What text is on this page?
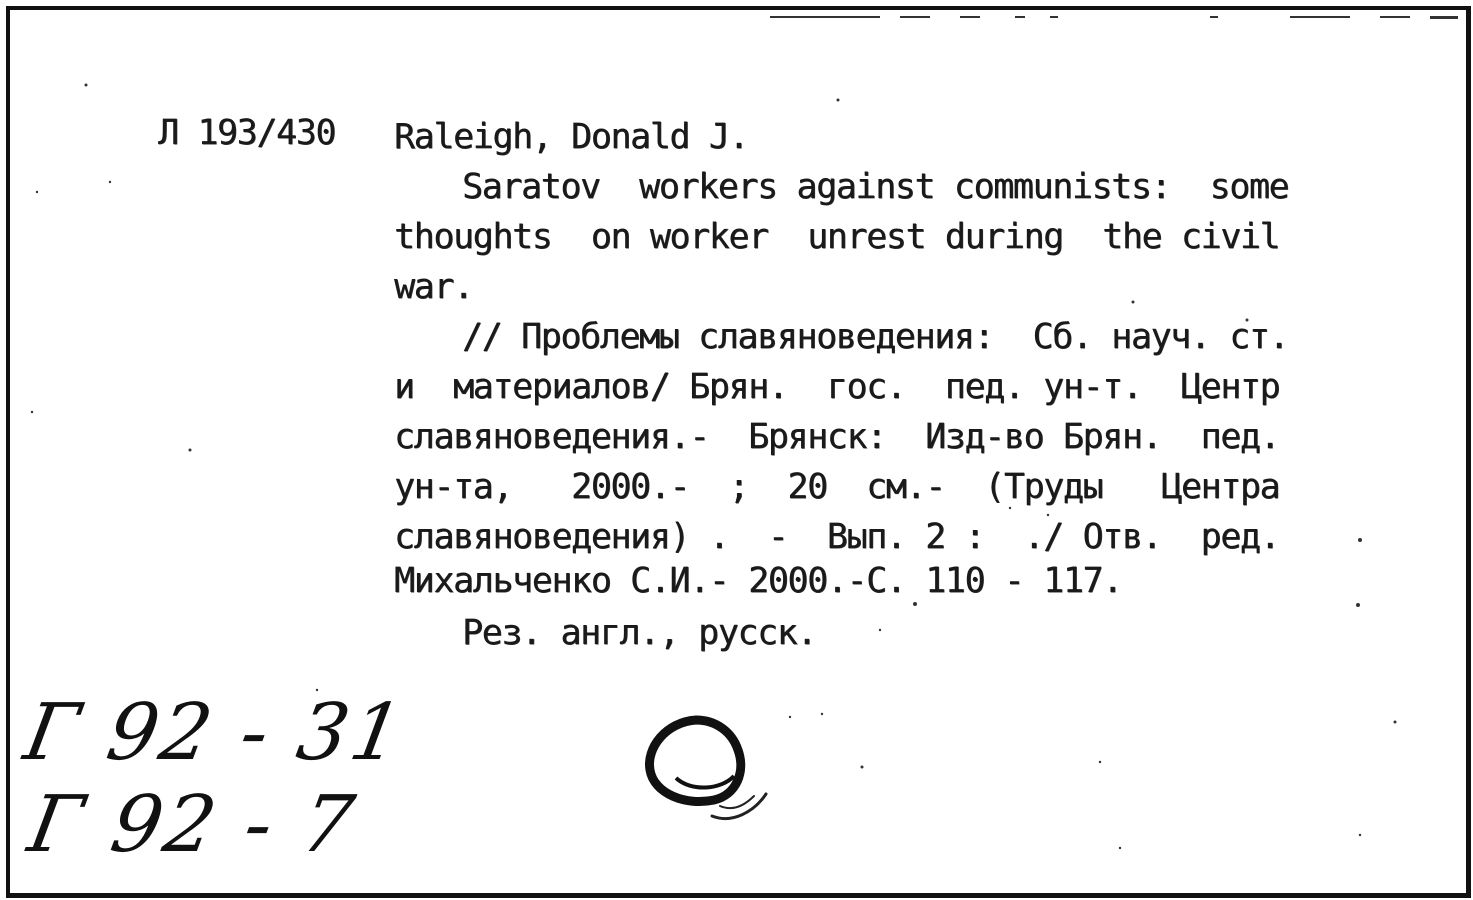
Л 193/430 Raleigh, Donald J.
Saratov  workers against communists:  some
thoughts  on worker  unrest during  the civil
war.
// Проблемы славяноведения:  Сб. науч. ст.
и  материалов/ Брян.  гос.  пед. ун-т.  Центр
славяноведения.-  Брянск:  Изд-во Брян.  пед.
ун-та,   2000.-  ;  20  см.-  (Труды   Центра
славяноведения) .  -  Вып. 2 :  ./ Отв.  ред.
Михальченко С.И.- 2000.-С. 110 - 117.
Рез. англ., русск.
Г 92 - 31
Г 92 - 7
